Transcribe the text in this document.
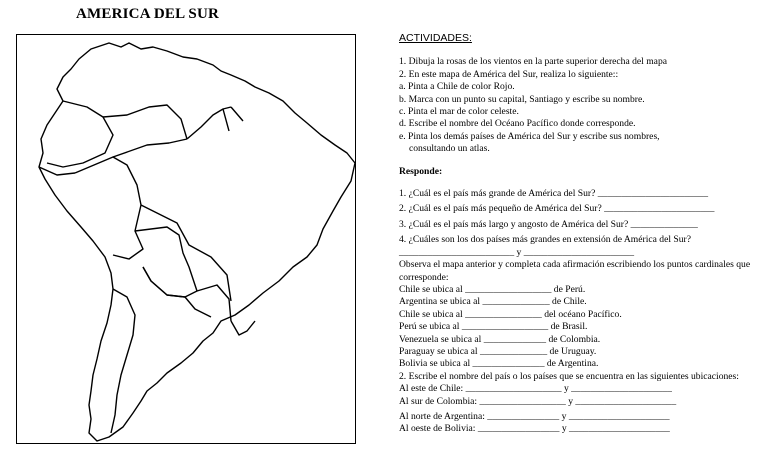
AMERICA DEL SUR
ACTIVIDADES:
1. Dibuja la rosas de los vientos en la parte superior derecha del mapa
2. En este mapa de América del Sur, realiza lo siguiente::
a. Pinta a Chile de color Rojo.
b. Marca con un punto su capital, Santiago y escribe su nombre.
c. Pinta el mar de color celeste.
d. Escribe el nombre del Océano Pacífico donde corresponde.
e. Pinta los demás países de América del Sur y escribe sus nombres,
consultando un atlas.
Responde:
1. ¿Cuál es el país más grande de América del Sur? _______________________
2. ¿Cuál es el país más pequeño de América del Sur? _______________________
3. ¿Cuál es el país más largo y angosto de América del Sur? ______________
4. ¿Cuáles son los dos países más grandes en extensión de América del Sur?
________________________ y _______________________
Observa el mapa anterior y completa cada afirmación escribiendo los puntos cardinales que corresponde:
Chile se ubica al __________________ de Perú.
Argentina se ubica al ______________ de Chile.
Chile se ubica al ________________ del océano Pacífico.
Perú se ubica al __________________ de Brasil.
Venezuela se ubica al _____________ de Colombia.
Paraguay se ubica al ______________ de Uruguay.
Bolivia se ubica al _______________ de Argentina.
2. Escribe el nombre del país o los países que se encuentra en las siguientes ubicaciones:
Al este de Chile: ____________________ y _____________________
Al sur de Colombia: __________________ y _____________________
Al norte de Argentina: _______________ y _____________________
Al oeste de Bolivia: _________________ y _____________________
